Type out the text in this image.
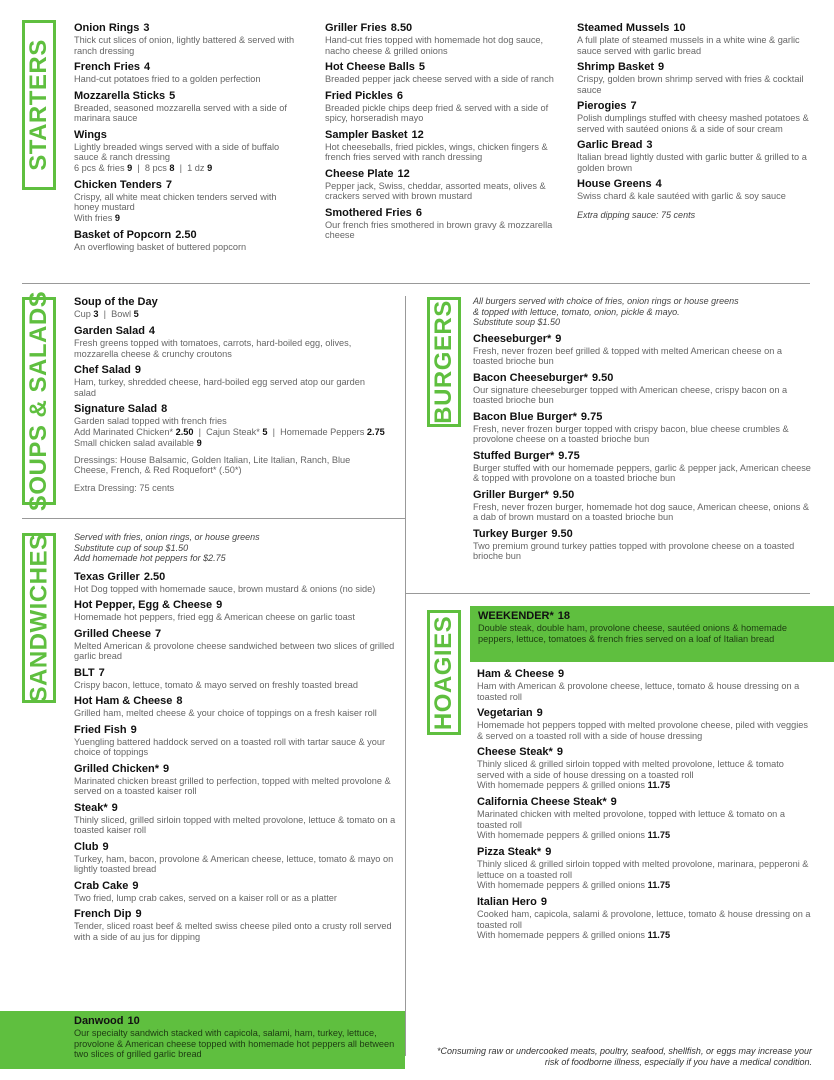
STARTERS
Onion Rings 3
Thick cut slices of onion, lightly battered & served with ranch dressing
French Fries 4
Hand-cut potatoes fried to a golden perfection
Mozzarella Sticks 5
Breaded, seasoned mozzarella served with a side of marinara sauce
Wings
Lightly breaded wings served with a side of buffalo sauce & ranch dressing
6 pcs & fries 9  |  8 pcs 8  |  1 dz 9
Chicken Tenders 7
Crispy, all white meat chicken tenders served with honey mustard
With fries 9
Basket of Popcorn 2.50
An overflowing basket of buttered popcorn
Griller Fries 8.50
Hand-cut fries topped with homemade hot dog sauce, nacho cheese & grilled onions
Hot Cheese Balls 5
Breaded pepper jack cheese served with a side of ranch
Fried Pickles 6
Breaded pickle chips deep fried & served with a side of spicy, horseradish mayo
Sampler Basket 12
Hot cheeseballs, fried pickles, wings, chicken fingers & french fries served with ranch dressing
Cheese Plate 12
Pepper jack, Swiss, cheddar, assorted meats, olives & crackers served with brown mustard
Smothered Fries 6
Our french fries smothered in brown gravy & mozzarella cheese
Steamed Mussels 10
A full plate of steamed mussels in a white wine & garlic sauce served with garlic bread
Shrimp Basket 9
Crispy, golden brown shrimp served with fries & cocktail sauce
Pierogies 7
Polish dumplings stuffed with cheesy mashed potatoes & served with sautéed onions & a side of sour cream
Garlic Bread 3
Italian bread lightly dusted with garlic butter & grilled to a golden brown
House Greens 4
Swiss chard & kale sautéed with garlic & soy sauce
Extra dipping sauce: 75 cents
SOUPS & SALADS Soup of the Day
Cup 3  |  Bowl 5
Garden Salad 4
Fresh greens topped with tomatoes, carrots, hard-boiled egg, olives, mozzarella cheese & crunchy croutons
Chef Salad 9
Ham, turkey, shredded cheese, hard-boiled egg served atop our garden salad
Signature Salad 8
Garden salad topped with french fries
Add Marinated Chicken* 2.50  |  Cajun Steak* 5  |  Homemade Peppers 2.75
Small chicken salad available 9
Dressings: House Balsamic, Golden Italian, Lite Italian, Ranch, Blue Cheese, French, & Red Roquefort* (.50*)
Extra Dressing: 75 cents
BURGERS All burgers served with choice of fries, onion rings or house greens
& topped with lettuce, tomato, onion, pickle & mayo.
Substitute soup $1.50
Cheeseburger* 9
Fresh, never frozen beef grilled & topped with melted American cheese on a toasted brioche bun
Bacon Cheeseburger* 9.50
Our signature cheeseburger topped with American cheese, crispy bacon on a toasted brioche bun
Bacon Blue Burger* 9.75
Fresh, never frozen burger topped with crispy bacon, blue cheese crumbles & provolone cheese on a toasted brioche bun
Stuffed Burger* 9.75
Burger stuffed with our homemade peppers, garlic & pepper jack, American cheese & topped with provolone on a toasted brioche bun
Griller Burger* 9.50
Fresh, never frozen burger, homemade hot dog sauce, American cheese, onions & a dab of brown mustard on a toasted brioche bun
Turkey Burger 9.50
Two premium ground turkey patties topped with provolone cheese on a toasted brioche bun
SANDWICHES Served with fries, onion rings, or house greens
Substitute cup of soup $1.50
Add homemade hot peppers for $2.75
Texas Griller 2.50
Hot Dog topped with homemade sauce, brown mustard & onions (no side)
Hot Pepper, Egg & Cheese 9
Homemade hot peppers, fried egg & American cheese on garlic toast
Grilled Cheese 7
Melted American & provolone cheese sandwiched between two slices of grilled garlic bread
BLT 7
Crispy bacon, lettuce, tomato & mayo served on freshly toasted bread
Hot Ham & Cheese 8
Grilled ham, melted cheese & your choice of toppings on a fresh kaiser roll
Fried Fish 9
Yuengling battered haddock served on a toasted roll with tartar sauce & your choice of toppings
Grilled Chicken* 9
Marinated chicken breast grilled to perfection, topped with melted provolone & served on a toasted kaiser roll
Steak* 9
Thinly sliced, grilled sirloin topped with melted provolone, lettuce & tomato on a toasted kaiser roll
Club 9
Turkey, ham, bacon, provolone & American cheese, lettuce, tomato & mayo on lightly toasted bread
Crab Cake 9
Two fried, lump crab cakes, served on a kaiser roll or as a platter
French Dip 9
Tender, sliced roast beef & melted swiss cheese piled onto a crusty roll served with a side of au jus for dipping
Danwood 10
Our specialty sandwich stacked with capicola, salami, ham, turkey, lettuce, provolone & American cheese topped with homemade hot peppers all between two slices of grilled garlic bread
HOAGIES WEEKENDER* 18
Double steak, double ham, provolone cheese, sautéed onions & homemade peppers, lettuce, tomatoes & french fries served on a loaf of Italian bread
Ham & Cheese 9
Ham with American & provolone cheese, lettuce, tomato & house dressing on a toasted roll
Vegetarian 9
Homemade hot peppers topped with melted provolone cheese, piled with veggies & served on a toasted roll with a side of house dressing
Cheese Steak* 9
Thinly sliced & grilled sirloin topped with melted provolone, lettuce & tomato served with a side of house dressing on a toasted roll
With homemade peppers & grilled onions 11.75
California Cheese Steak* 9
Marinated chicken with melted provolone, topped with lettuce & tomato on a toasted roll
With homemade peppers & grilled onions 11.75
Pizza Steak* 9
Thinly sliced & grilled sirloin topped with melted provolone, marinara, pepperoni & lettuce on a toasted roll
With homemade peppers & grilled onions 11.75
Italian Hero 9
Cooked ham, capicola, salami & provolone, lettuce, tomato & house dressing on a toasted roll
With homemade peppers & grilled onions 11.75
*Consuming raw or undercooked meats, poultry, seafood, shellfish, or eggs may increase your risk of foodborne illness, especially if you have a medical condition.
